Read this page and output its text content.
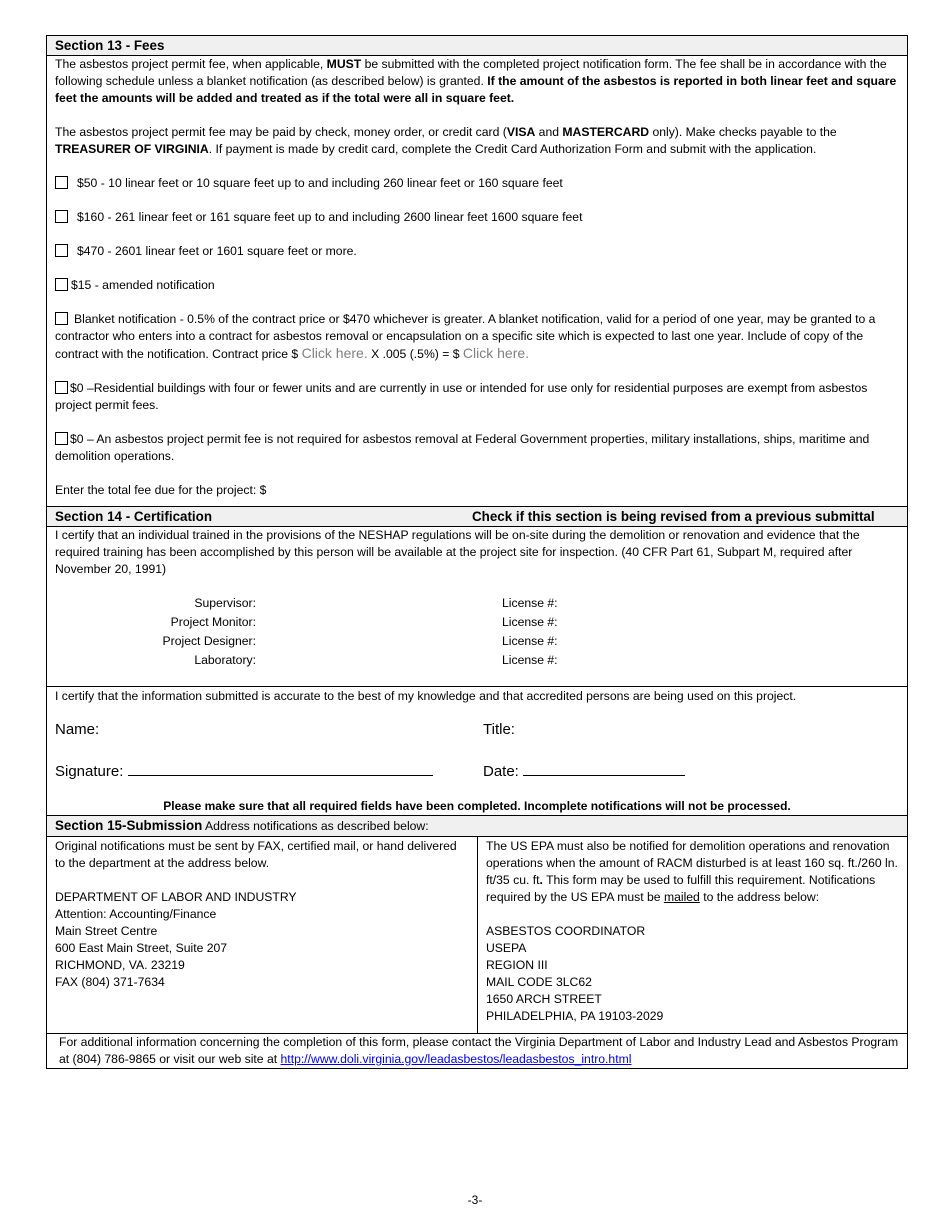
Section 13 - Fees

The asbestos project permit fee, when applicable, MUST be submitted with the completed project notification form. The fee shall be in accordance with the following schedule unless a blanket notification (as described below) is granted. If the amount of the asbestos is reported in both linear feet and square feet the amounts will be added and treated as if the total were all in square feet.

The asbestos project permit fee may be paid by check, money order, or credit card (VISA and MASTERCARD only). Make checks payable to the TREASURER OF VIRGINIA. If payment is made by credit card, complete the Credit Card Authorization Form and submit with the application.

$50 - 10 linear feet or 10 square feet up to and including 260 linear feet or 160 square feet
$160 - 261 linear feet or 161 square feet up to and including 2600 linear feet 1600 square feet
$470 - 2601 linear feet or 1601 square feet or more.
$15 - amended notification

Blanket notification - 0.5% of the contract price or $470 whichever is greater. A blanket notification, valid for a period of one year, may be granted to a contractor who enters into a contract for asbestos removal or encapsulation on a specific site which is expected to last one year. Include of copy of the contract with the notification. Contract price $ Click here. X .005 (.5%) = $ Click here.

$0 –Residential buildings with four or fewer units and are currently in use or intended for use only for residential purposes are exempt from asbestos project permit fees.

$0 – An asbestos project permit fee is not required for asbestos removal at Federal Government properties, military installations, ships, maritime and demolition operations.

Enter the total fee due for the project: $

Section 14 - Certification	Check if this section is being revised from a previous submittal

I certify that an individual trained in the provisions of the NESHAP regulations will be on-site during the demolition or renovation and evidence that the required training has been accomplished by this person will be available at the project site for inspection. (40 CFR Part 61, Subpart M, required after November 20, 1991)

Supervisor:	License #:
Project Monitor:	License #:
Project Designer:	License #:
Laboratory:	License #:

I certify that the information submitted is accurate to the best of my knowledge and that accredited persons are being used on this project.

Name:	Title:
Signature:	Date:

Please make sure that all required fields have been completed. Incomplete notifications will not be processed.

Section 15-Submission Address notifications as described below:

Original notifications must be sent by FAX, certified mail, or hand delivered to the department at the address below.

DEPARTMENT OF LABOR AND INDUSTRY
Attention: Accounting/Finance
Main Street Centre
600 East Main Street, Suite 207
RICHMOND, VA. 23219
FAX (804) 371-7634

The US EPA must also be notified for demolition operations and renovation operations when the amount of RACM disturbed is at least 160 sq. ft./260 ln. ft/35 cu. ft. This form may be used to fulfill this requirement. Notifications required by the US EPA must be mailed to the address below:

ASBESTOS COORDINATOR
USEPA
REGION III
MAIL CODE 3LC62
1650 ARCH STREET
PHILADELPHIA, PA 19103-2029
For additional information concerning the completion of this form, please contact the Virginia Department of Labor and Industry Lead and Asbestos Program at (804) 786-9865 or visit our web site at http://www.doli.virginia.gov/leadasbestos/leadasbestos_intro.html
-3-
